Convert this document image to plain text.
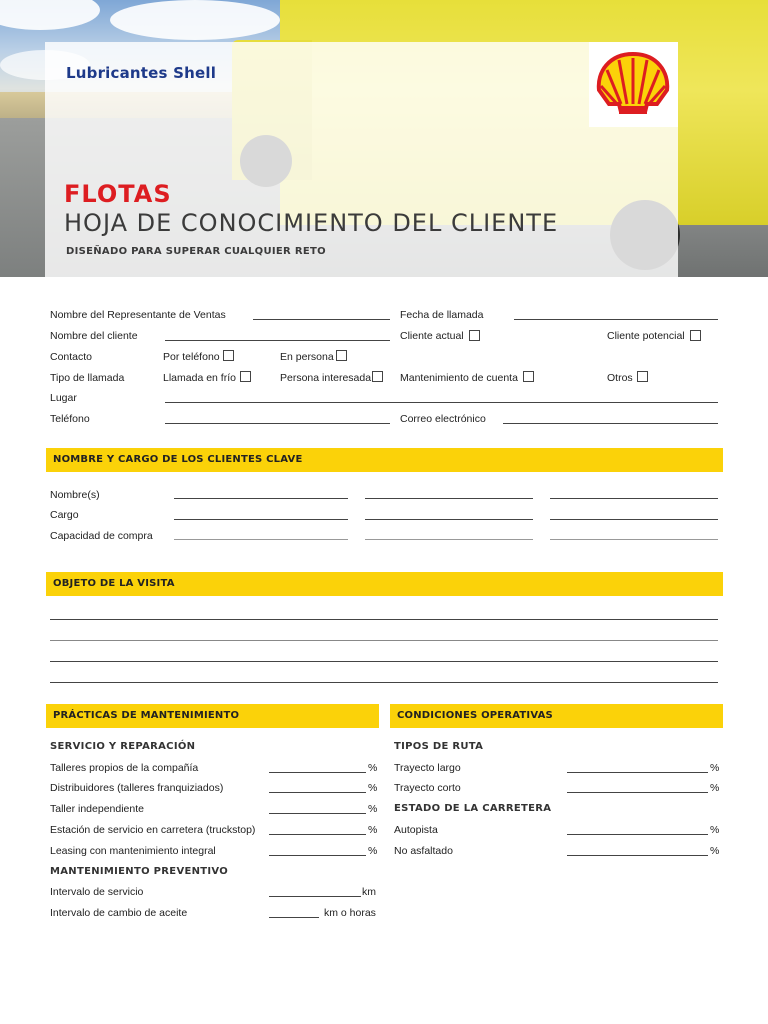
Lubricantes Shell
FLOTAS
HOJA DE CONOCIMIENTO DEL CLIENTE
DISEÑADO PARA SUPERAR CUALQUIER RETO
Nombre del Representante de Ventas	Fecha de llamada
Nombre del cliente	Cliente actual	Cliente potencial
Contacto	Por teléfono	En persona
Tipo de llamada	Llamada en frío	Persona interesada	Mantenimiento de cuenta	Otros
Lugar
Teléfono	Correo electrónico
NOMBRE Y CARGO DE LOS CLIENTES CLAVE
Nombre(s)
Cargo
Capacidad de compra
OBJETO DE LA VISITA
PRÁCTICAS DE MANTENIMIENTO
SERVICIO Y REPARACIÓN
Talleres propios de la compañía	%
Distribuidores (talleres franquiziados)	%
Taller independiente	%
Estación de servicio en carretera (truckstop)	%
Leasing con mantenimiento integral	%
MANTENIMIENTO PREVENTIVO
Intervalo de servicio	km
Intervalo de cambio de aceite	km o horas
CONDICIONES OPERATIVAS
TIPOS DE RUTA
Trayecto largo	%
Trayecto corto	%
ESTADO DE LA CARRETERA
Autopista	%
No asfaltado	%
